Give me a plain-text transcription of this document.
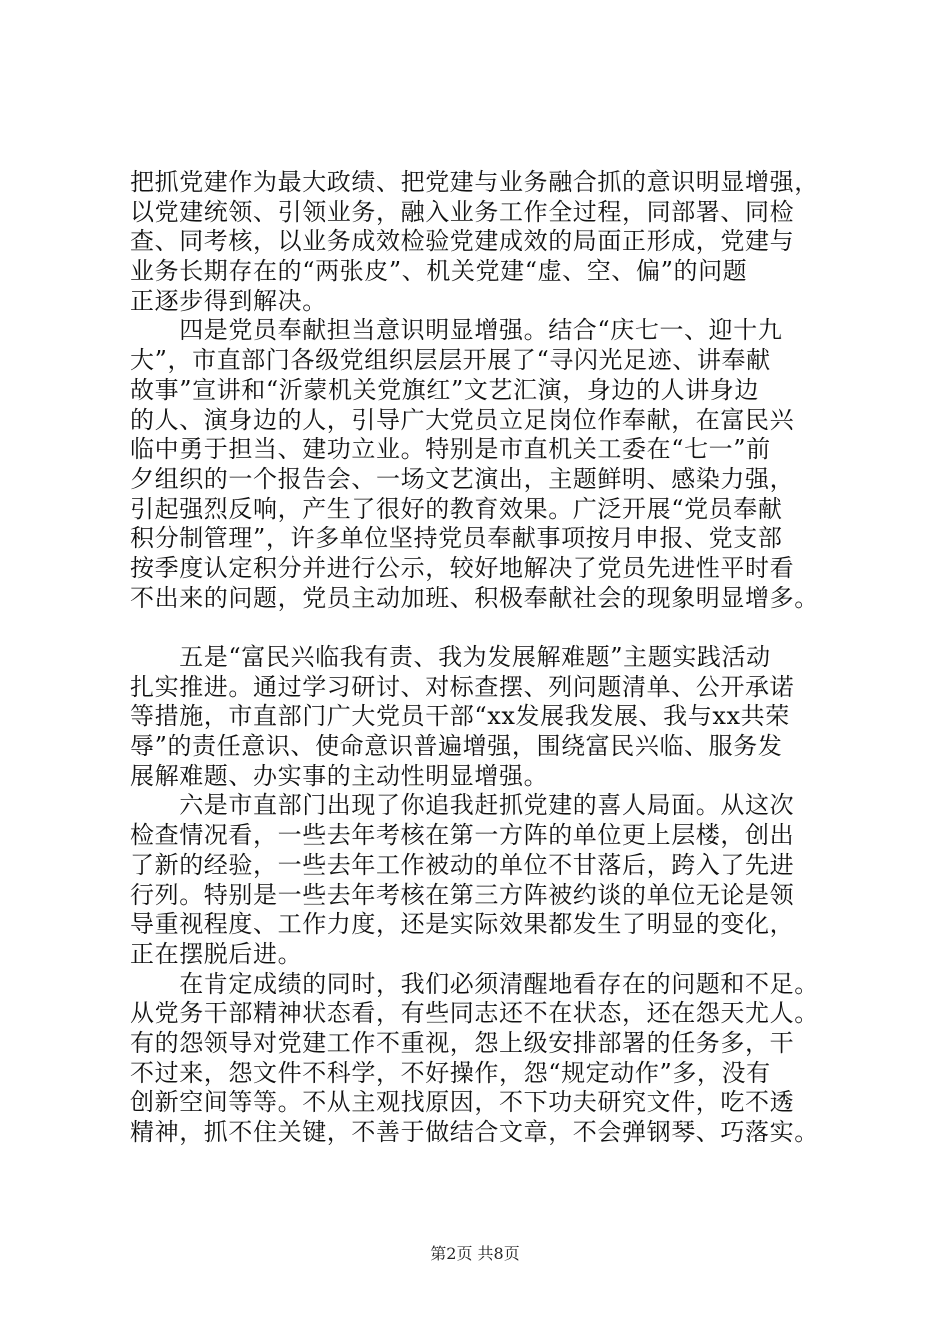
把抓党建作为最大政绩、把党建与业务融合抓的意识明显增强，
以党建统领、引领业务，融入业务工作全过程，同部署、同检
查、同考核，以业务成效检验党建成效的局面正形成，党建与
业务长期存在的“两张皮”、机关党建“虚、空、偏”的问题
正逐步得到解决。
　　四是党员奉献担当意识明显增强。结合“庆七一、迎十九
大”，市直部门各级党组织层层开展了“寻闪光足迹、讲奉献
故事”宣讲和“沂蒙机关党旗红”文艺汇演，身边的人讲身边
的人、演身边的人，引导广大党员立足岗位作奉献，在富民兴
临中勇于担当、建功立业。特别是市直机关工委在“七一”前
夕组织的一个报告会、一场文艺演出，主题鲜明、感染力强，
引起强烈反响，产生了很好的教育效果。广泛开展“党员奉献
积分制管理”，许多单位坚持党员奉献事项按月申报、党支部
按季度认定积分并进行公示，较好地解决了党员先进性平时看
不出来的问题，党员主动加班、积极奉献社会的现象明显增多。
　　五是“富民兴临我有责、我为发展解难题”主题实践活动
扎实推进。通过学习研讨、对标查摆、列问题清单、公开承诺
等措施，市直部门广大党员干部“xx发展我发展、我与xx共荣
辱”的责任意识、使命意识普遍增强，围绕富民兴临、服务发
展解难题、办实事的主动性明显增强。
　　六是市直部门出现了你追我赶抓党建的喜人局面。从这次
检查情况看，一些去年考核在第一方阵的单位更上层楼，创出
了新的经验，一些去年工作被动的单位不甘落后，跨入了先进
行列。特别是一些去年考核在第三方阵被约谈的单位无论是领
导重视程度、工作力度，还是实际效果都发生了明显的变化，
正在摆脱后进。
　　在肯定成绩的同时，我们必须清醒地看存在的问题和不足。
从党务干部精神状态看，有些同志还不在状态，还在怨天尤人。
有的怨领导对党建工作不重视，怨上级安排部署的任务多，干
不过来，怨文件不科学，不好操作，怨“规定动作”多，没有
创新空间等等。不从主观找原因，不下功夫研究文件，吃不透
精神，抓不住关键，不善于做结合文章，不会弹钢琴、巧落实。
第2页 共8页
